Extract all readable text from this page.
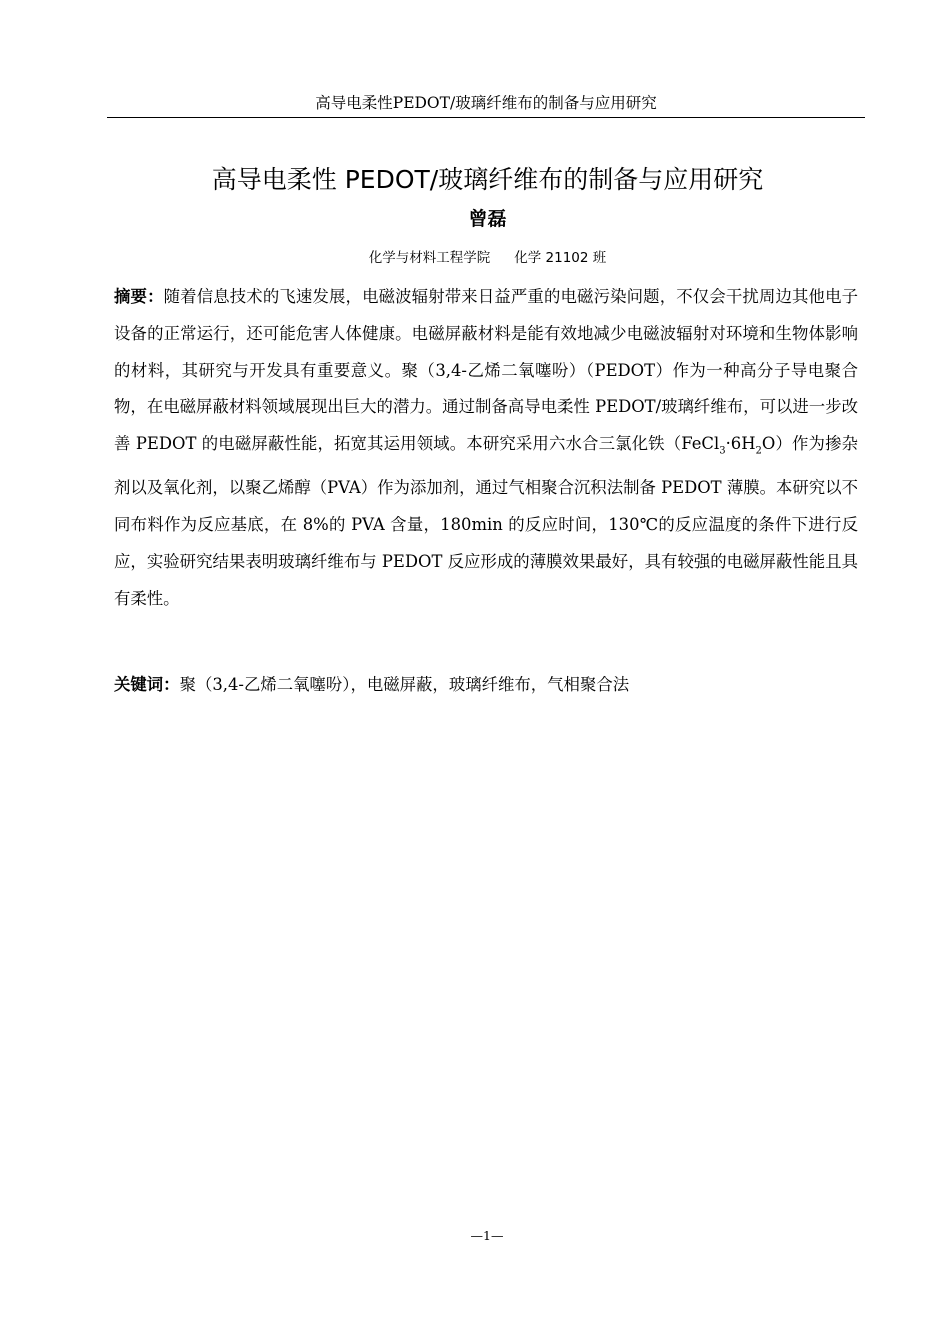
高导电柔性PEDOT/玻璃纤维布的制备与应用研究
高导电柔性 PEDOT/玻璃纤维布的制备与应用研究
曾磊
化学与材料工程学院 化学 21102 班

摘要：随着信息技术的飞速发展，电磁波辐射带来日益严重的电磁污染问题，不仅会干扰周边其他电子设备的正常运行，还可能危害人体健康。电磁屏蔽材料是能有效地减少电磁波辐射对环境和生物体影响的材料，其研究与开发具有重要意义。聚（3,4-乙烯二氧噻吩）（PEDOT）作为一种高分子导电聚合物，在电磁屏蔽材料领域展现出巨大的潜力。通过制备高导电柔性 PEDOT/玻璃纤维布，可以进一步改善 PEDOT 的电磁屏蔽性能，拓宽其运用领域。本研究采用六水合三氯化铁$(FeCl_3\cdot 6H_2O)$作为掺杂剂以及氧化剂，以聚乙烯醇（PVA）作为添加剂，通过气相聚合沉积法制备 PEDOT 薄膜。本研究以不同布料作为反应基底，在 8%的 PVA 含量，180min 的反应时间，130℃的反应温度的条件下进行反应，实验研究结果表明玻璃纤维布与 PEDOT 反应形成的薄膜效果最好，具有较强的电磁屏蔽性能且具有柔性。

关键词：聚（3,4-乙烯二氧噻吩），电磁屏蔽，玻璃纤维布，气相聚合法

—1—
